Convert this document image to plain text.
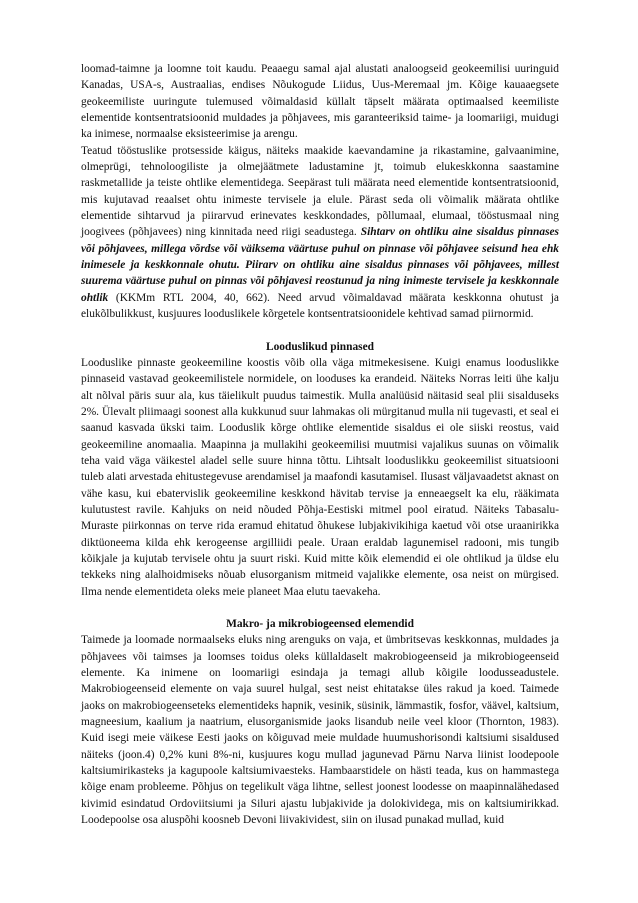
loomad-taimne ja loomne toit kaudu. Peaaegu samal ajal alustati analoogseid geokeemilisi uuringuid Kanadas, USA-s, Austraalias, endises Nõukogude Liidus, Uus-Meremaal jm. Kõige kauaaegsete geokeemiliste uuringute tulemused võimaldasid küllalt täpselt määrata optimaalsed keemiliste elementide kontsentratsioonid muldades ja põhjavees, mis garanteeriksid taime- ja loomariigi, muidugi ka inimese, normaalse eksisteerimise ja arengu.

Teatud tööstuslike protsesside käigus, näiteks maakide kaevandamine ja rikastamine, galvaanimine, olmeprügi, tehnoloogiliste ja olmejäätmete ladustamine jt, toimub elukeskkonna saastamine raskmetallide ja teiste ohtlike elementidega. Seepärast tuli määrata need elementide kontsentratsioonid, mis kujutavad reaalset ohtu inimeste tervisele ja elule. Pärast seda oli võimalik määrata ohtlike elementide sihtarvud ja piirarvud erinevates keskkondades, põllumaal, elumaal, tööstusmaal ning joogivees (põhjavees) ning kinnitada need riigi seadustega. Sihtarv on ohtliku aine sisaldus pinnases või põhjavees, millega võrdse või väiksema väärtuse puhul on pinnase või põhjavee seisund hea ehk inimesele ja keskkonnale ohutu. Piirarv on ohtliku aine sisaldus pinnases või põhjavees, millest suurema väärtuse puhul on pinnas või põhjavesi reostunud ja ning inimeste tervisele ja keskkonnale ohtlik (KKMm RTL 2004, 40, 662). Need arvud võimaldavad määrata keskkonna ohutust ja elukõlbulikkust, kusjuures looduslikele kõrgetele kontsentratsioonidele kehtivad samad piirnormid.

Looduslikud pinnased

Looduslike pinnaste geokeemiline koostis võib olla väga mitmekesisene. Kuigi enamus looduslikke pinnaseid vastavad geokeemilistele normidele, on looduses ka erandeid. Näiteks Norras leiti ühe kalju alt nõlval päris suur ala, kus täielikult puudus taimestik. Mulla analüüsid näitasid seal plii sisalduseks 2%. Ülevalt pliimaagi soonest alla kukkunud suur lahmakas oli mürgitanud mulla nii tugevasti, et seal ei saanud kasvada ükski taim. Looduslik kõrge ohtlike elementide sisaldus ei ole siiski reostus, vaid geokeemiline anomaalia. Maapinna ja mullakihi geokeemilisi muutmisi vajalikus suunas on võimalik teha vaid väga väikestel aladel selle suure hinna tõttu. Lihtsalt looduslikku geokeemilist situatsiooni tuleb alati arvestada ehitustegevuse arendamisel ja maafondi kasutamisel. Ilusast väljavaadetst aknast on vähe kasu, kui ebatervislik geokeemiline keskkond hävitab tervise ja enneaegselt ka elu, rääkimata kulutustest ravile. Kahjuks on neid nõuded Põhja-Eestiski mitmel pool eiratud. Näiteks Tabasalu-Muraste piirkonnas on terve rida eramud ehitatud õhukese lubjakivikihiga kaetud või otse uraanirikka diktüoneema kilda ehk kerogeense argilliidi peale. Uraan eraldab lagunemisel radooni, mis tungib kõikjale ja kujutab tervisele ohtu ja suurt riski. Kuid mitte kõik elemendid ei ole ohtlikud ja üldse elu tekkeks ning alalhoidmiseks nõuab elusorganism mitmeid vajalikke elemente, osa neist on mürgised. Ilma nende elementideta oleks meie planeet Maa elutu taevakeha.

Makro- ja mikrobiogeensed elemendid

Taimede ja loomade normaalseks eluks ning arenguks on vaja, et ümbritsevas keskkonnas, muldades ja põhjavees või taimses ja loomses toidus oleks küllaldaselt makrobiogeenseid ja mikrobiogeenseid elemente. Ka inimene on loomariigi esindaja ja temagi allub kõigile loodusseadustele. Makrobiogeenseid elemente on vaja suurel hulgal, sest neist ehitatakse üles rakud ja koed. Taimede jaoks on makrobiogeenseteks elementideks hapnik, vesinik, süsinik, lämmastik, fosfor, väävel, kaltsium, magneesium, kaalium ja naatrium, elusorganismide jaoks lisandub neile veel kloor (Thornton, 1983). Kuid isegi meie väikese Eesti jaoks on kõiguvad meie muldade huumushorisondi kaltsiumi sisaldused näiteks (joon.4) 0,2% kuni 8%-ni, kusjuures kogu mullad jagunevad Pärnu Narva liinist loodepoole kaltsiumirikasteks ja kagupoole kaltsiumivaesteks. Hambaarstidele on hästi teada, kus on hammastega kõige enam probleeme. Põhjus on tegelikult väga lihtne, sellest joonest loodesse on maapinnalähedased kivimid esindatud Ordoviitsiumi ja Siluri ajastu lubjakivide ja dolokividega, mis on kaltsiumirikkad. Loodepoolse osa aluspõhi koosneb Devoni liivakividest, siin on ilusad punakad mullad, kuid
